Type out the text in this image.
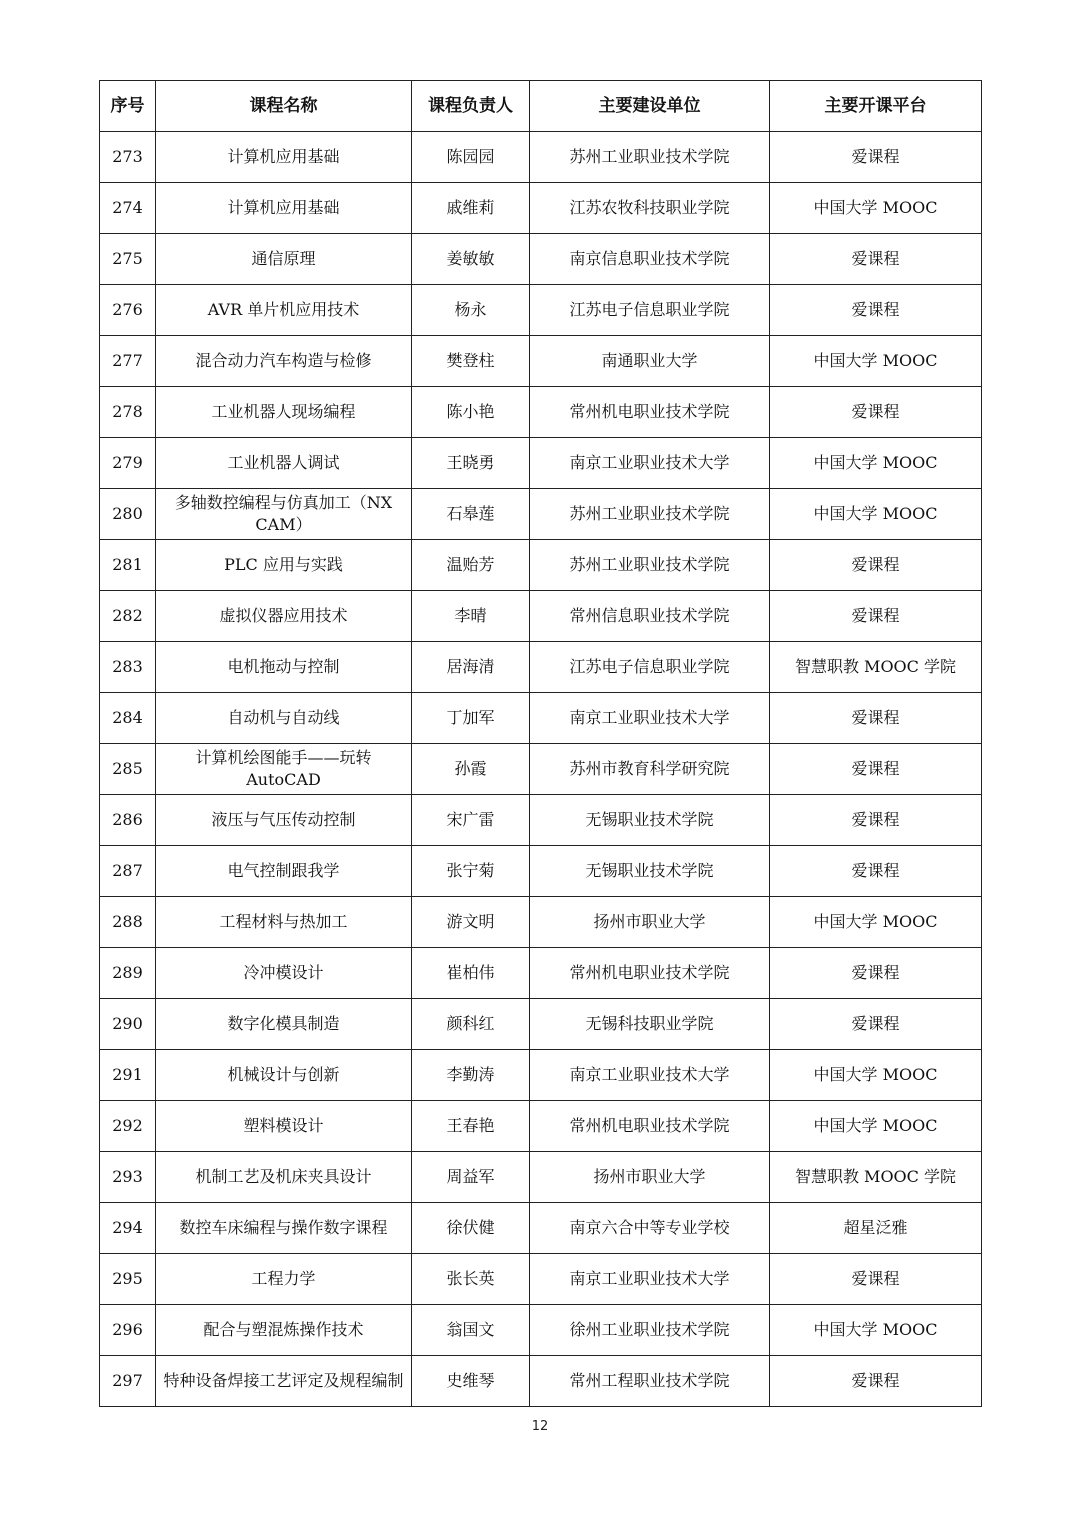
序号	课程名称	课程负责人	主要建设单位	主要开课平台
273	计算机应用基础	陈园园	苏州工业职业技术学院	爱课程
274	计算机应用基础	戚维莉	江苏农牧科技职业学院	中国大学 MOOC
275	通信原理	姜敏敏	南京信息职业技术学院	爱课程
276	AVR 单片机应用技术	杨永	江苏电子信息职业学院	爱课程
277	混合动力汽车构造与检修	樊登柱	南通职业大学	中国大学 MOOC
278	工业机器人现场编程	陈小艳	常州机电职业技术学院	爱课程
279	工业机器人调试	王晓勇	南京工业职业技术大学	中国大学 MOOC
280	多轴数控编程与仿真加工（NX CAM）	石皋莲	苏州工业职业技术学院	中国大学 MOOC
281	PLC 应用与实践	温贻芳	苏州工业职业技术学院	爱课程
282	虚拟仪器应用技术	李晴	常州信息职业技术学院	爱课程
283	电机拖动与控制	居海清	江苏电子信息职业学院	智慧职教 MOOC 学院
284	自动机与自动线	丁加军	南京工业职业技术大学	爱课程
285	计算机绘图能手——玩转 AutoCAD	孙霞	苏州市教育科学研究院	爱课程
286	液压与气压传动控制	宋广雷	无锡职业技术学院	爱课程
287	电气控制跟我学	张宁菊	无锡职业技术学院	爱课程
288	工程材料与热加工	游文明	扬州市职业大学	中国大学 MOOC
289	冷冲模设计	崔柏伟	常州机电职业技术学院	爱课程
290	数字化模具制造	颜科红	无锡科技职业学院	爱课程
291	机械设计与创新	李勤涛	南京工业职业技术大学	中国大学 MOOC
292	塑料模设计	王春艳	常州机电职业技术学院	中国大学 MOOC
293	机制工艺及机床夹具设计	周益军	扬州市职业大学	智慧职教 MOOC 学院
294	数控车床编程与操作数字课程	徐伏健	南京六合中等专业学校	超星泛雅
295	工程力学	张长英	南京工业职业技术大学	爱课程
296	配合与塑混炼操作技术	翁国文	徐州工业职业技术学院	中国大学 MOOC
297	特种设备焊接工艺评定及规程编制	史维琴	常州工程职业技术学院	爱课程
12
